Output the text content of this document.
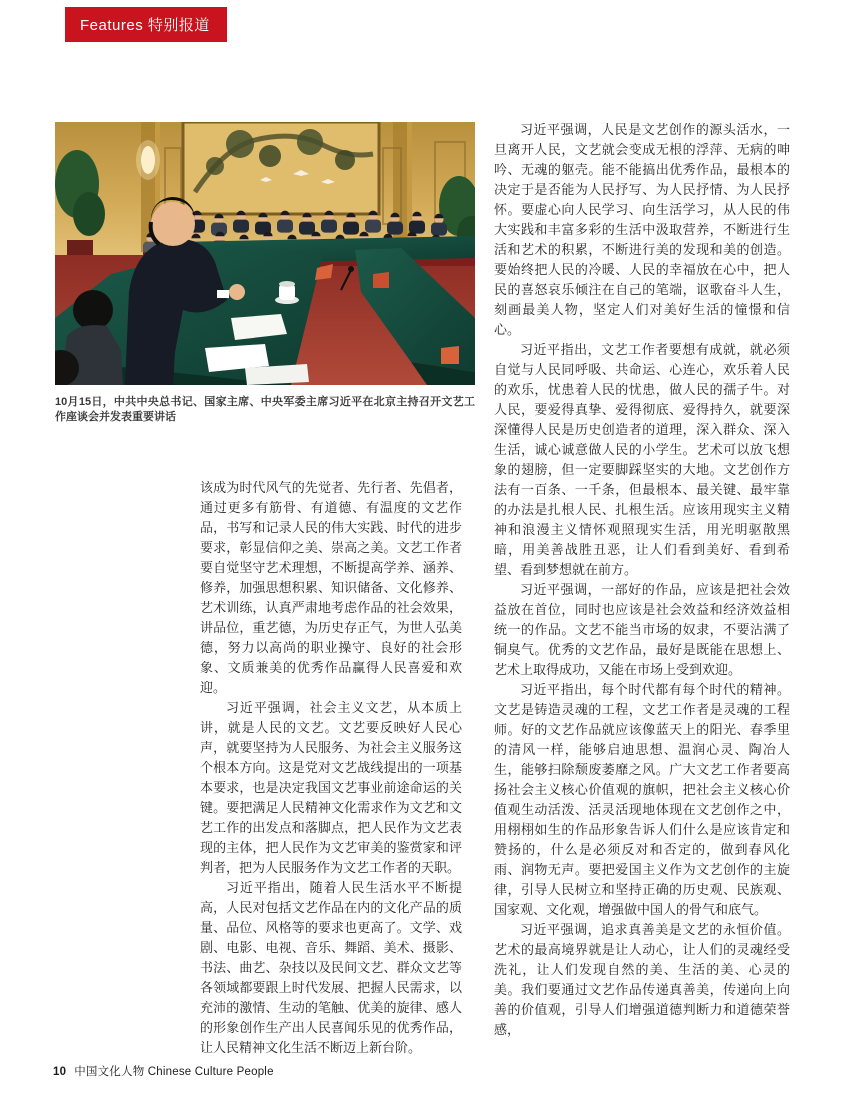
Features 特别报道
10月15日，中共中央总书记、国家主席、中央军委主席习近平在北京主持召开文艺工作座谈会并发表重要讲话

该成为时代风气的先觉者、先行者、先倡者，通过更多有筋骨、有道德、有温度的文艺作品，书写和记录人民的伟大实践、时代的进步要求，彰显信仰之美、崇高之美。文艺工作者要自觉坚守艺术理想，不断提高学养、涵养、修养，加强思想积累、知识储备、文化修养、艺术训练，认真严肃地考虑作品的社会效果，讲品位，重艺德，为历史存正气，为世人弘美德，努力以高尚的职业操守、良好的社会形象、文质兼美的优秀作品赢得人民喜爱和欢迎。

习近平强调，社会主义文艺，从本质上讲，就是人民的文艺。文艺要反映好人民心声，就要坚持为人民服务、为社会主义服务这个根本方向。这是党对文艺战线提出的一项基本要求，也是决定我国文艺事业前途命运的关键。要把满足人民精神文化需求作为文艺和文艺工作的出发点和落脚点，把人民作为文艺表现的主体，把人民作为文艺审美的鉴赏家和评判者，把为人民服务作为文艺工作者的天职。

习近平指出，随着人民生活水平不断提高，人民对包括文艺作品在内的文化产品的质量、品位、风格等的要求也更高了。文学、戏剧、电影、电视、音乐、舞蹈、美术、摄影、书法、曲艺、杂技以及民间文艺、群众文艺等各领域都要跟上时代发展、把握人民需求，以充沛的激情、生动的笔触、优美的旋律、感人的形象创作生产出人民喜闻乐见的优秀作品，让人民精神文化生活不断迈上新台阶。

习近平强调，人民是文艺创作的源头活水，一旦离开人民，文艺就会变成无根的浮萍、无病的呻吟、无魂的躯壳。能不能搞出优秀作品，最根本的决定于是否能为人民抒写、为人民抒情、为人民抒怀。要虚心向人民学习、向生活学习，从人民的伟大实践和丰富多彩的生活中汲取营养，不断进行生活和艺术的积累，不断进行美的发现和美的创造。要始终把人民的冷暖、人民的幸福放在心中，把人民的喜怒哀乐倾注在自己的笔端，讴歌奋斗人生，刻画最美人物，坚定人们对美好生活的憧憬和信心。

习近平指出，文艺工作者要想有成就，就必须自觉与人民同呼吸、共命运、心连心，欢乐着人民的欢乐，忧患着人民的忧患，做人民的孺子牛。对人民，要爱得真挚、爱得彻底、爱得持久，就要深深懂得人民是历史创造者的道理，深入群众、深入生活，诚心诚意做人民的小学生。艺术可以放飞想象的翅膀，但一定要脚踩坚实的大地。文艺创作方法有一百条、一千条，但最根本、最关键、最牢靠的办法是扎根人民、扎根生活。应该用现实主义精神和浪漫主义情怀观照现实生活，用光明驱散黑暗，用美善战胜丑恶，让人们看到美好、看到希望、看到梦想就在前方。

习近平强调，一部好的作品，应该是把社会效益放在首位，同时也应该是社会效益和经济效益相统一的作品。文艺不能当市场的奴隶，不要沾满了铜臭气。优秀的文艺作品，最好是既能在思想上、艺术上取得成功，又能在市场上受到欢迎。

习近平指出，每个时代都有每个时代的精神。文艺是铸造灵魂的工程，文艺工作者是灵魂的工程师。好的文艺作品就应该像蓝天上的阳光、春季里的清风一样，能够启迪思想、温润心灵、陶冶人生，能够扫除颓废萎靡之风。广大文艺工作者要高扬社会主义核心价值观的旗帜，把社会主义核心价值观生动活泼、活灵活现地体现在文艺创作之中，用栩栩如生的作品形象告诉人们什么是应该肯定和赞扬的，什么是必须反对和否定的，做到春风化雨、润物无声。要把爱国主义作为文艺创作的主旋律，引导人民树立和坚持正确的历史观、民族观、国家观、文化观，增强做中国人的骨气和底气。

习近平强调，追求真善美是文艺的永恒价值。艺术的最高境界就是让人动心，让人们的灵魂经受洗礼，让人们发现自然的美、生活的美、心灵的美。我们要通过文艺作品传递真善美，传递向上向善的价值观，引导人们增强道德判断力和道德荣誉感，

10 中国文化人物 Chinese Culture People
